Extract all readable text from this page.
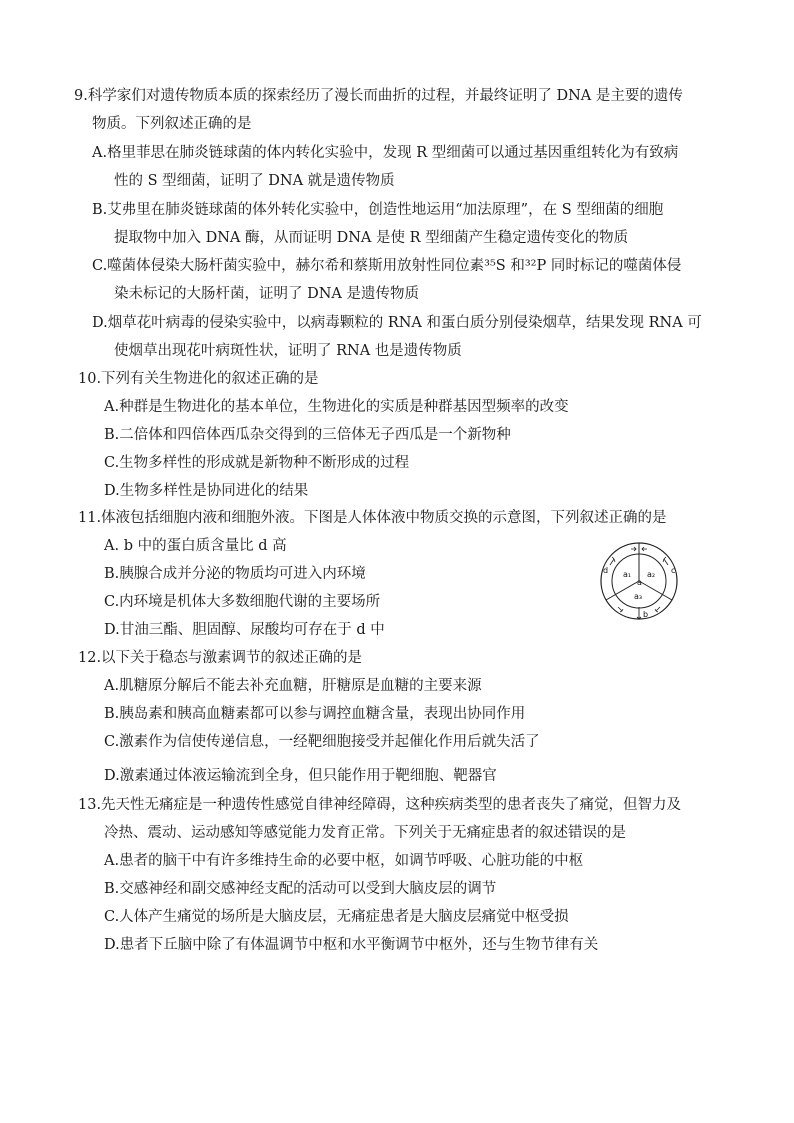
9.科学家们对遗传物质本质的探索经历了漫长而曲折的过程，并最终证明了 DNA 是主要的遗传
物质。下列叙述正确的是
A.格里菲思在肺炎链球菌的体内转化实验中，发现 R 型细菌可以通过基因重组转化为有致病
性的 S 型细菌，证明了 DNA 就是遗传物质
B.艾弗里在肺炎链球菌的体外转化实验中，创造性地运用“加法原理”，在 S 型细菌的细胞
提取物中加入 DNA 酶，从而证明 DNA 是使 R 型细菌产生稳定遗传变化的物质
C.噬菌体侵染大肠杆菌实验中，赫尔希和蔡斯用放射性同位素³⁵S 和³²P 同时标记的噬菌体侵
染未标记的大肠杆菌，证明了 DNA 是遗传物质
D.烟草花叶病毒的侵染实验中，以病毒颗粒的 RNA 和蛋白质分别侵染烟草，结果发现 RNA 可
使烟草出现花叶病斑性状，证明了 RNA 也是遗传物质
10.下列有关生物进化的叙述正确的是
A.种群是生物进化的基本单位，生物进化的实质是种群基因型频率的改变
B.二倍体和四倍体西瓜杂交得到的三倍体无子西瓜是一个新物种
C.生物多样性的形成就是新物种不断形成的过程
D.生物多样性是协同进化的结果
11.体液包括细胞内液和细胞外液。下图是人体体液中物质交换的示意图，下列叙述正确的是
A. b 中的蛋白质含量比 d 高
B.胰腺合成并分泌的物质均可进入内环境
C.内环境是机体大多数细胞代谢的主要场所
D.甘油三酯、胆固醇、尿酸均可存在于 d 中
a
a₁ a₂
a₃
b
c
d
12.以下关于稳态与激素调节的叙述正确的是
A.肌糖原分解后不能去补充血糖，肝糖原是血糖的主要来源
B.胰岛素和胰高血糖素都可以参与调控血糖含量，表现出协同作用
C.激素作为信使传递信息，一经靶细胞接受并起催化作用后就失活了
D.激素通过体液运输流到全身，但只能作用于靶细胞、靶器官
13.先天性无痛症是一种遗传性感觉自律神经障碍，这种疾病类型的患者丧失了痛觉，但智力及
冷热、震动、运动感知等感觉能力发育正常。下列关于无痛症患者的叙述错误的是
A.患者的脑干中有许多维持生命的必要中枢，如调节呼吸、心脏功能的中枢
B.交感神经和副交感神经支配的活动可以受到大脑皮层的调节
C.人体产生痛觉的场所是大脑皮层，无痛症患者是大脑皮层痛觉中枢受损
D.患者下丘脑中除了有体温调节中枢和水平衡调节中枢外，还与生物节律有关
